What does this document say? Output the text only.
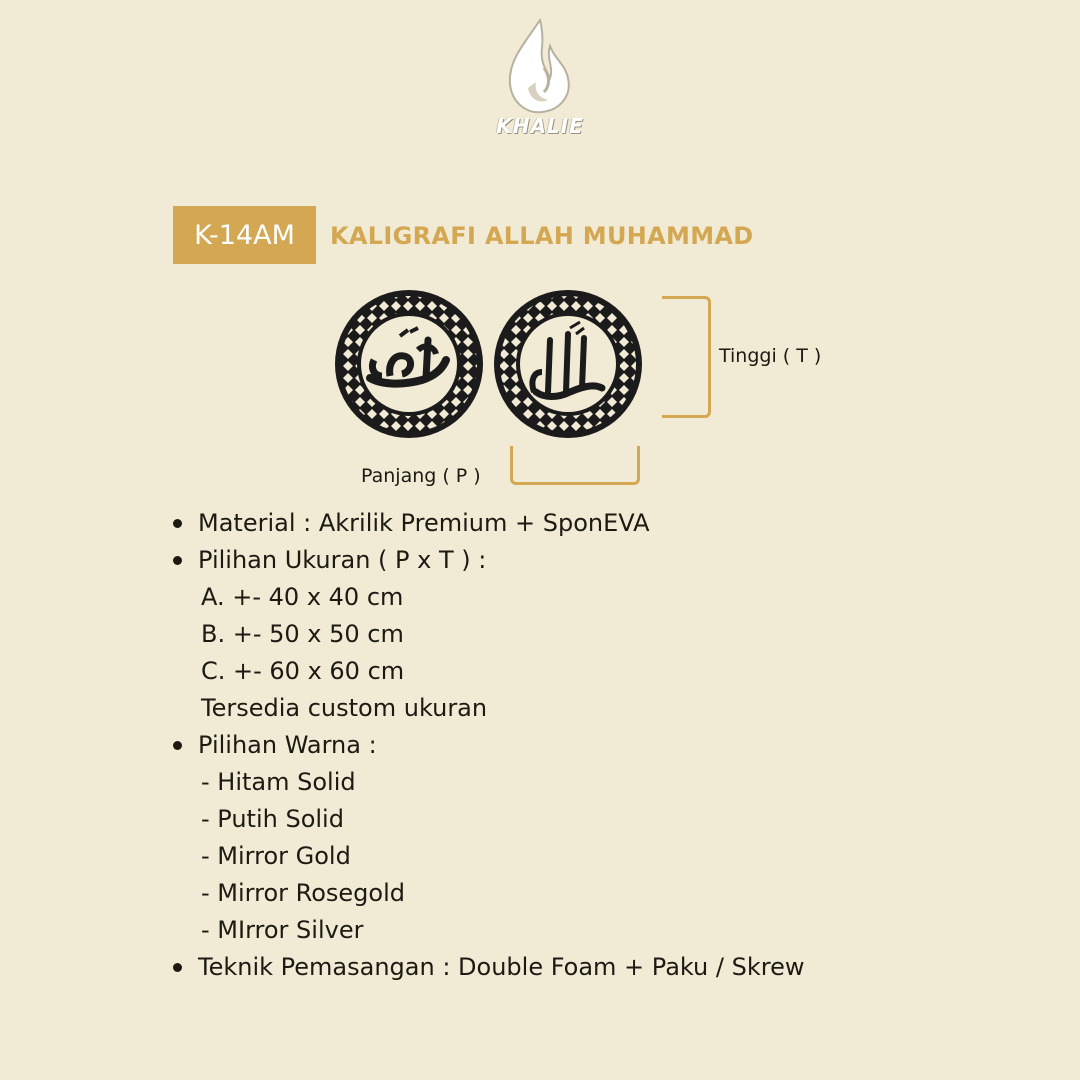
KHALIE
K-14AM KALIGRAFI ALLAH MUHAMMAD
Tinggi ( T )
Panjang ( P )
Material : Akrilik Premium + SponEVA
Pilihan Ukuran ( P x T ) :
A. +- 40 x 40 cm
B. +- 50 x 50 cm
C. +- 60 x 60 cm
Tersedia custom ukuran
Pilihan Warna :
- Hitam Solid
- Putih Solid
- Mirror Gold
- Mirror Rosegold
- MIrror Silver
Teknik Pemasangan : Double Foam + Paku / Skrew
